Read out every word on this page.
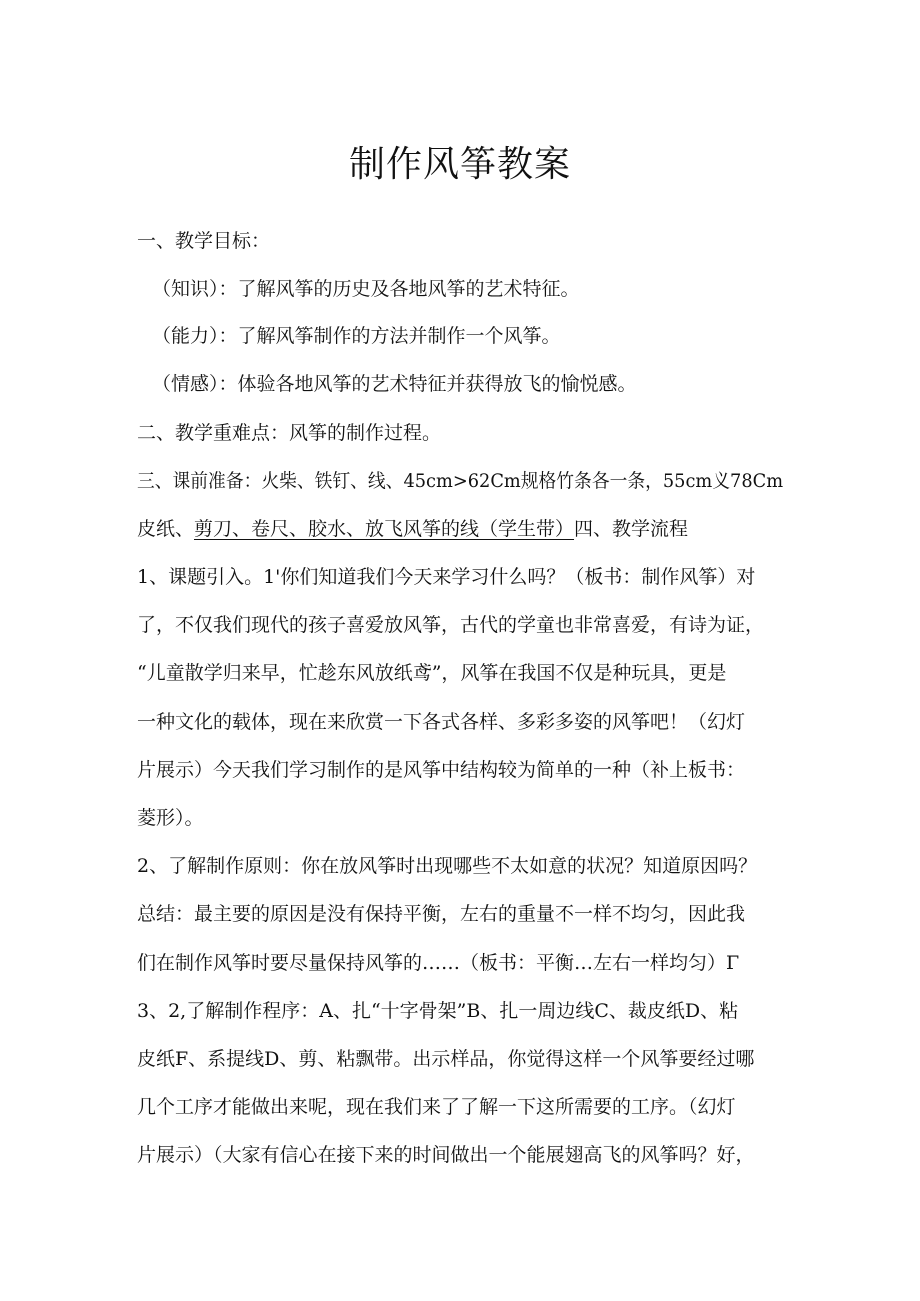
制作风筝教案
一、教学目标：
（知识）：了解风筝的历史及各地风筝的艺术特征。
（能力）：了解风筝制作的方法并制作一个风筝。
（情感）：体验各地风筝的艺术特征并获得放飞的愉悦感。
二、教学重难点：风筝的制作过程。
三、课前准备：火柴、铁钉、线、45cm>62Cm规格竹条各一条，55cm义78Cm
皮纸、剪刀、卷尺、胶水、放飞风筝的线（学生带）四、教学流程
1、课题引入。1'你们知道我们今天来学习什么吗？（板书：制作风筝）对
了，不仅我们现代的孩子喜爱放风筝，古代的学童也非常喜爱，有诗为证，
“儿童散学归来早，忙趁东风放纸鸢”，风筝在我国不仅是种玩具，更是
一种文化的载体，现在来欣赏一下各式各样、多彩多姿的风筝吧！（幻灯
片展示）今天我们学习制作的是风筝中结构较为简单的一种（补上板书：
菱形）。
2、了解制作原则：你在放风筝时出现哪些不太如意的状况？知道原因吗？
总结：最主要的原因是没有保持平衡，左右的重量不一样不均匀，因此我
们在制作风筝时要尽量保持风筝的……（板书：平衡…左右一样均匀）Γ
3、2,了解制作程序：A、扎“十字骨架”B、扎一周边线C、裁皮纸D、粘
皮纸F、系提线D、剪、粘飘带。出示样品，你觉得这样一个风筝要经过哪
几个工序才能做出来呢，现在我们来了了解一下这所需要的工序。（幻灯
片展示）（大家有信心在接下来的时间做出一个能展翅高飞的风筝吗？好，
